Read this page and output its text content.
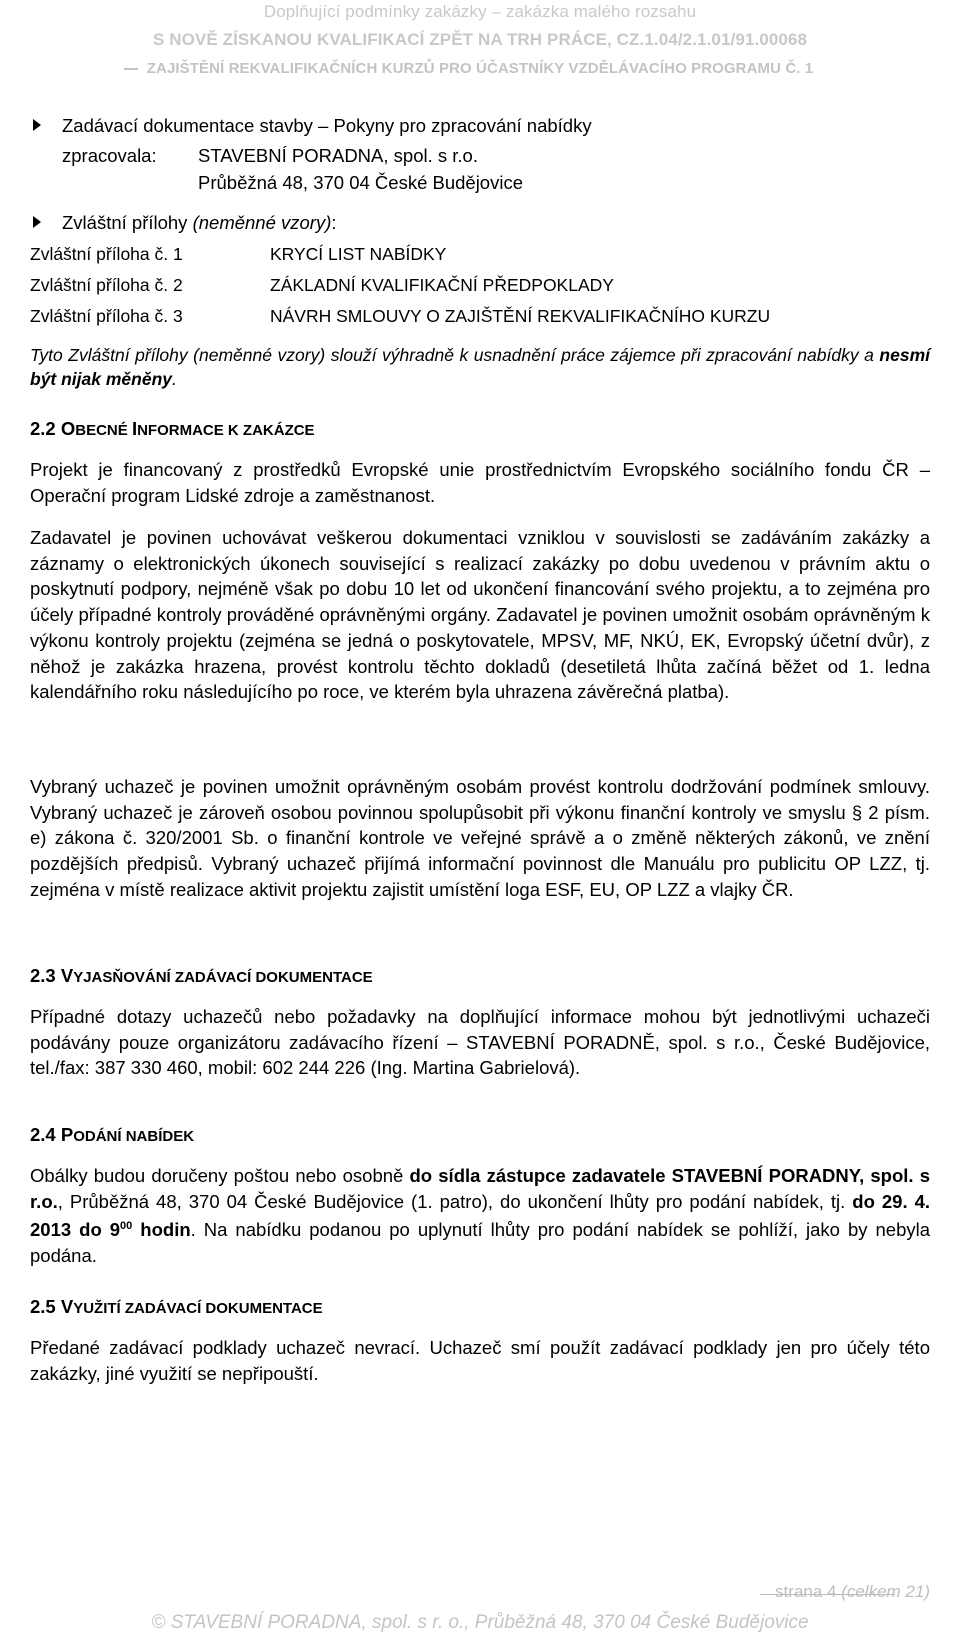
Doplňující podmínky zakázky – zakázka malého rozsahu
S NOVĚ ZÍSKANOU KVALIFIKACÍ ZPĚT NA TRH PRÁCE, CZ.1.04/2.1.01/91.00068
ZAJIŠTĚNÍ REKVALIFIKAČNÍCH KURZŮ PRO ÚČASTNÍKY VZDĚLÁVACÍHO PROGRAMU Č. 1
Zadávací dokumentace stavby – Pokyny pro zpracování nabídky
zpracovala: STAVEBNÍ PORADNA, spol. s r.o.
Průběžná 48, 370 04 České Budějovice
Zvláštní přílohy (neměnné vzory):
Zvláštní příloha č. 1	KRYCÍ LIST NABÍDKY
Zvláštní příloha č. 2	ZÁKLADNÍ KVALIFIKAČNÍ PŘEDPOKLADY
Zvláštní příloha č. 3	NÁVRH SMLOUVY O ZAJIŠTĚNÍ REKVALIFIKAČNÍHO KURZU
Tyto Zvláštní přílohy (neměnné vzory) slouží výhradně k usnadnění práce zájemce při zpracování nabídky a nesmí být nijak měněny.
2.2 OBECNÉ INFORMACE K ZAKÁZCE
Projekt je financovaný z prostředků Evropské unie prostřednictvím Evropského sociálního fondu ČR – Operační program Lidské zdroje a zaměstnanost.
Zadavatel je povinen uchovávat veškerou dokumentaci vzniklou v souvislosti se zadáváním zakázky a záznamy o elektronických úkonech související s realizací zakázky po dobu uvedenou v právním aktu o poskytnutí podpory, nejméně však po dobu 10 let od ukončení financování svého projektu, a to zejména pro účely případné kontroly prováděné oprávněnými orgány. Zadavatel je povinen umožnit osobám oprávněným k výkonu kontroly projektu (zejména se jedná o poskytovatele, MPSV, MF, NKÚ, EK, Evropský účetní dvůr), z něhož je zakázka hrazena, provést kontrolu těchto dokladů (desetiletá lhůta začíná běžet od 1. ledna kalendářního roku následujícího po roce, ve kterém byla uhrazena závěrečná platba).
Vybraný uchazeč je povinen umožnit oprávněným osobám provést kontrolu dodržování podmínek smlouvy. Vybraný uchazeč je zároveň osobou povinnou spolupůsobit při výkonu finanční kontroly ve smyslu § 2 písm. e) zákona č. 320/2001 Sb. o finanční kontrole ve veřejné správě a o změně některých zákonů, ve znění pozdějších předpisů. Vybraný uchazeč přijímá informační povinnost dle Manuálu pro publicitu OP LZZ, tj. zejména v místě realizace aktivit projektu zajistit umístění loga ESF, EU, OP LZZ a vlajky ČR.
2.3 VYJASŇOVÁNÍ ZADÁVACÍ DOKUMENTACE
Případné dotazy uchazečů nebo požadavky na doplňující informace mohou být jednotlivými uchazeči podávány pouze organizátoru zadávacího řízení – STAVEBNÍ PORADNĚ, spol. s r.o., České Budějovice, tel./fax: 387 330 460, mobil: 602 244 226 (Ing. Martina Gabrielová).
2.4 PODÁNÍ NABÍDEK
Obálky budou doručeny poštou nebo osobně do sídla zástupce zadavatele STAVEBNÍ PORADNY, spol. s r.o., Průběžná 48, 370 04 České Budějovice (1. patro), do ukončení lhůty pro podání nabídek, tj. do 29. 4. 2013 do $9^{00}$ hodin. Na nabídku podanou po uplynutí lhůty pro podání nabídek se pohlíží, jako by nebyla podána.
2.5 VYUŽITÍ ZADÁVACÍ DOKUMENTACE
Předané zadávací podklady uchazeč nevrací. Uchazeč smí použít zadávací podklady jen pro účely této zakázky, jiné využití se nepřipouští.
strana 4 (celkem 21)
© STAVEBNÍ PORADNA, spol. s r. o., Průběžná 48, 370 04 České Budějovice
